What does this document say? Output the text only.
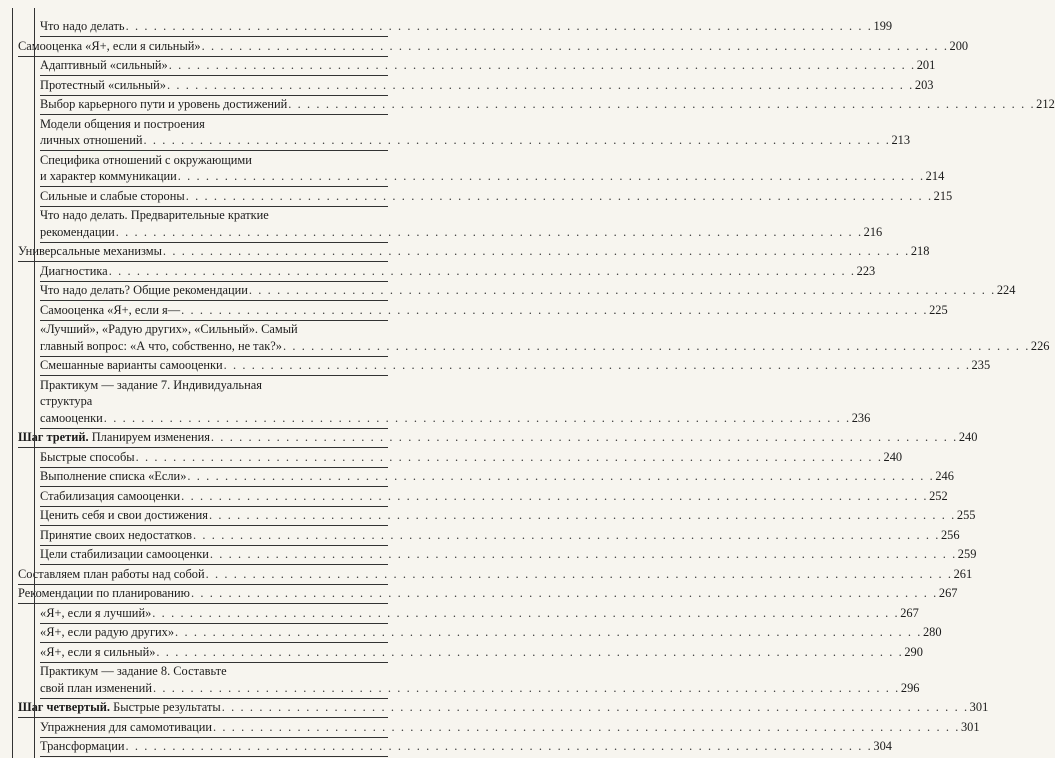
Что надо делать . . . . . . . . . . . . . . . . . . . . . . . . . . . . . . . . . . . . . . . . . . . . . . . . . . . . . . . . . . . . . . . . . . . . . . . . . . . . . . . . 199
Самооценка «Я+, если я сильный» . . . . . . . . . . . . . . . . . . . . . . . . . . . . . . . . . . . . . . . . . . . . . . . . . . . . . . . . . . . . . . . . . . . . . . . . . . . . . . . . 200
Адаптивный «сильный» . . . . . . . . . . . . . . . . . . . . . . . . . . . . . . . . . . . . . . . . . . . . . . . . . . . . . . . . . . . . . . . . . . . . . . . . . . . . . . . . 201
Протестный «сильный» . . . . . . . . . . . . . . . . . . . . . . . . . . . . . . . . . . . . . . . . . . . . . . . . . . . . . . . . . . . . . . . . . . . . . . . . . . . . . . . . 203
Выбор карьерного пути и уровень достижений . . . . . . . . . . . . . . . . . . . . . . . . . . . . . . . . . . . . . . . . . . . . . . . . . . . . . . . . . . . . . . . . . . . . . . . . . . . . . . . . 212
Модели общения и построения
личных отношений . . . . . . . . . . . . . . . . . . . . . . . . . . . . . . . . . . . . . . . . . . . . . . . . . . . . . . . . . . . . . . . . . . . . . . . . . . . . . . . . 213
Специфика отношений с окружающими
и характер коммуникации . . . . . . . . . . . . . . . . . . . . . . . . . . . . . . . . . . . . . . . . . . . . . . . . . . . . . . . . . . . . . . . . . . . . . . . . . . . . . . . . 214
Сильные и слабые стороны . . . . . . . . . . . . . . . . . . . . . . . . . . . . . . . . . . . . . . . . . . . . . . . . . . . . . . . . . . . . . . . . . . . . . . . . . . . . . . . . 215
Что надо делать. Предварительные краткие
рекомендации . . . . . . . . . . . . . . . . . . . . . . . . . . . . . . . . . . . . . . . . . . . . . . . . . . . . . . . . . . . . . . . . . . . . . . . . . . . . . . . . 216
Универсальные механизмы . . . . . . . . . . . . . . . . . . . . . . . . . . . . . . . . . . . . . . . . . . . . . . . . . . . . . . . . . . . . . . . . . . . . . . . . . . . . . . . . 218
Диагностика . . . . . . . . . . . . . . . . . . . . . . . . . . . . . . . . . . . . . . . . . . . . . . . . . . . . . . . . . . . . . . . . . . . . . . . . . . . . . . . . 223
Что надо делать? Общие рекомендации . . . . . . . . . . . . . . . . . . . . . . . . . . . . . . . . . . . . . . . . . . . . . . . . . . . . . . . . . . . . . . . . . . . . . . . . . . . . . . . . 224
Самооценка «Я+, если я— . . . . . . . . . . . . . . . . . . . . . . . . . . . . . . . . . . . . . . . . . . . . . . . . . . . . . . . . . . . . . . . . . . . . . . . . . . . . . . . . 225
«Лучший», «Радую других», «Сильный». Самый
главный вопрос: «А что, собственно, не так?» . . . . . . . . . . . . . . . . . . . . . . . . . . . . . . . . . . . . . . . . . . . . . . . . . . . . . . . . . . . . . . . . . . . . . . . . . . . . . . . . 226
Смешанные варианты самооценки . . . . . . . . . . . . . . . . . . . . . . . . . . . . . . . . . . . . . . . . . . . . . . . . . . . . . . . . . . . . . . . . . . . . . . . . . . . . . . . . 235
Практикум — задание 7. Индивидуальная
структура
самооценки . . . . . . . . . . . . . . . . . . . . . . . . . . . . . . . . . . . . . . . . . . . . . . . . . . . . . . . . . . . . . . . . . . . . . . . . . . . . . . . . 236
Шаг третий. Планируем изменения . . . . . . . . . . . . . . . . . . . . . . . . . . . . . . . . . . . . . . . . . . . . . . . . . . . . . . . . . . . . . . . . . . . . . . . . . . . . . . . . 240
Быстрые способы . . . . . . . . . . . . . . . . . . . . . . . . . . . . . . . . . . . . . . . . . . . . . . . . . . . . . . . . . . . . . . . . . . . . . . . . . . . . . . . . 240
Выполнение списка «Если» . . . . . . . . . . . . . . . . . . . . . . . . . . . . . . . . . . . . . . . . . . . . . . . . . . . . . . . . . . . . . . . . . . . . . . . . . . . . . . . . 246
Стабилизация самооценки . . . . . . . . . . . . . . . . . . . . . . . . . . . . . . . . . . . . . . . . . . . . . . . . . . . . . . . . . . . . . . . . . . . . . . . . . . . . . . . . 252
Ценить себя и свои достижения . . . . . . . . . . . . . . . . . . . . . . . . . . . . . . . . . . . . . . . . . . . . . . . . . . . . . . . . . . . . . . . . . . . . . . . . . . . . . . . . 255
Принятие своих недостатков . . . . . . . . . . . . . . . . . . . . . . . . . . . . . . . . . . . . . . . . . . . . . . . . . . . . . . . . . . . . . . . . . . . . . . . . . . . . . . . . 256
Цели стабилизации самооценки . . . . . . . . . . . . . . . . . . . . . . . . . . . . . . . . . . . . . . . . . . . . . . . . . . . . . . . . . . . . . . . . . . . . . . . . . . . . . . . . 259
Составляем план работы над собой . . . . . . . . . . . . . . . . . . . . . . . . . . . . . . . . . . . . . . . . . . . . . . . . . . . . . . . . . . . . . . . . . . . . . . . . . . . . . . . . 261
Рекомендации по планированию . . . . . . . . . . . . . . . . . . . . . . . . . . . . . . . . . . . . . . . . . . . . . . . . . . . . . . . . . . . . . . . . . . . . . . . . . . . . . . . . 267
«Я+, если я лучший» . . . . . . . . . . . . . . . . . . . . . . . . . . . . . . . . . . . . . . . . . . . . . . . . . . . . . . . . . . . . . . . . . . . . . . . . . . . . . . . . 267
«Я+, если радую других» . . . . . . . . . . . . . . . . . . . . . . . . . . . . . . . . . . . . . . . . . . . . . . . . . . . . . . . . . . . . . . . . . . . . . . . . . . . . . . . . 280
«Я+, если я сильный» . . . . . . . . . . . . . . . . . . . . . . . . . . . . . . . . . . . . . . . . . . . . . . . . . . . . . . . . . . . . . . . . . . . . . . . . . . . . . . . . 290
Практикум — задание 8. Составьте
свой план изменений . . . . . . . . . . . . . . . . . . . . . . . . . . . . . . . . . . . . . . . . . . . . . . . . . . . . . . . . . . . . . . . . . . . . . . . . . . . . . . . . 296
Шаг четвертый. Быстрые результаты . . . . . . . . . . . . . . . . . . . . . . . . . . . . . . . . . . . . . . . . . . . . . . . . . . . . . . . . . . . . . . . . . . . . . . . . . . . . . . . . 301
Упражнения для самомотивации . . . . . . . . . . . . . . . . . . . . . . . . . . . . . . . . . . . . . . . . . . . . . . . . . . . . . . . . . . . . . . . . . . . . . . . . . . . . . . . . 301
Трансформации . . . . . . . . . . . . . . . . . . . . . . . . . . . . . . . . . . . . . . . . . . . . . . . . . . . . . . . . . . . . . . . . . . . . . . . . . . . . . . . . 304
